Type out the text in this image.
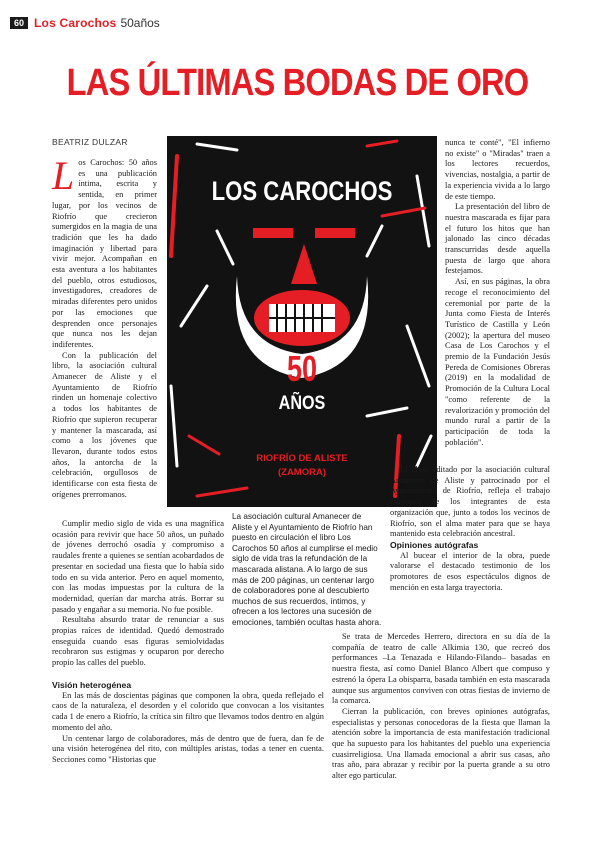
60 Los Carochos 50años
LAS ÚLTIMAS BODAS DE ORO
BEATRIZ DULZAR
L os Carochos: 50 años es una publicación íntima, escrita y sentida, en primer lugar, por los vecinos de Riofrío que crecieron sumergidos en la magia de una tradición que les ha dado imaginación y libertad para vivir mejor. Acompañan en esta aventura a los habitantes del pueblo, otros estudiosos, investigadores, creadores de miradas diferentes pero unidos por las emociones que desprenden once personajes que nunca nos les dejan indiferentes.

Con la publicación del libro, la asociación cultural Amanecer de Aliste y el Ayuntamiento de Riofrío rinden un homenaje colectivo a todos los habitantes de Riofrío que supieron recuperar y mantener la mascarada, así como a los jóvenes que llevaron, durante todos estos años, la antorcha de la celebración, orgullosos de identificarse con esta fiesta de orígenes prerromanos.

LOS CAROCHOS
50
AÑOS
RIOFRÍO DE ALISTE
(ZAMORA)
La asociación cultural Amanecer de Aliste y el Ayuntamiento de Riofrío han puesto en circulación el libro Los Carochos 50 años al cumplirse el medio siglo de vida tras la refundación de la mascarada alistana. A lo largo de sus más de 200 páginas, un centenar largo de colaboradores pone al descubierto muchos de sus recuerdos, íntimos, y ofrecen a los lectores una sucesión de emociones, también ocultas hasta ahora.

Cumplir medio siglo de vida es una magnífica ocasión para revivir que hace 50 años, un puñado de jóvenes derrochó osadía y compromiso a raudales frente a quienes se sentían acobardados de presentar en sociedad una fiesta que lo había sido todo en su vida anterior. Pero en aquel momento, con las modas impuestas por la cultura de la modernidad, querían dar marcha atrás. Borrar su pasado y engañar a su memoria. No fue posible.

Resultaba absurdo tratar de renunciar a sus propias raíces de identidad. Quedó demostrado enseguida cuando esas figuras semiolvidadas recobraron sus estigmas y ocuparon por derecho propio las calles del pueblo.

Visión heterogénea

En las más de doscientas páginas que componen la obra, queda reflejado el caos de la naturaleza, el desorden y el colorido que convocan a los visitantes cada 1 de enero a Riofrío, la crítica sin filtro que llevamos todos dentro en algún momento del año.

Un centenar largo de colaboradores, más de dentro que de fuera, dan fe de una visión heterogénea del rito, con múltiples aristas, todas a tener en cuenta. Secciones como "Historias que

nunca te conté", "El infierno no existe" o "Miradas" traen a los lectores recuerdos, vivencias, nostalgia, a partir de la experiencia vivida a lo largo de este tiempo.

La presentación del libro de nuestra mascarada es fijar para el futuro los hitos que han jalonado las cinco décadas transcurridas desde aquella puesta de largo que ahora festejamos.

Así, en sus páginas, la obra recoge el reconocimiento del ceremonial por parte de la Junta como Fiesta de Interés Turístico de Castilla y León (2002); la apertura del museo Casa de Los Carochos y el premio de la Fundación Jesús Pereda de Comisiones Obreras (2019) en la modalidad de Promoción de la Cultura Local "como referente de la revalorización y promoción del mundo rural a partir de la participación de toda la población".

El libro, editado por la asociación cultural Amanecer de Aliste y patrocinado por el Ayuntamiento de Riofrío, refleja el trabajo colectivo de los integrantes de esta organización que, junto a todos los vecinos de Riofrío, son el alma mater para que se haya mantenido esta celebración ancestral.

Opiniones autógrafas

Al bucear el interior de la obra, puede valorarse el destacado testimonio de los promotores de esos espectáculos dignos de mención en esta larga trayectoria.

Se trata de Mercedes Herrero, directora en su día de la compañía de teatro de calle Alkimia 130, que recreó dos performances –La Tenazada e Hilando-Filando– basadas en nuestra fiesta, así como Daniel Blanco Albert que compuso y estrenó la ópera La obisparra, basada también en esta mascarada aunque sus argumentos conviven con otras fiestas de invierno de la comarca.

Cierran la publicación, con breves opiniones autógrafas, especialistas y personas conocedoras de la fiesta que llaman la atención sobre la importancia de esta manifestación tradicional que ha supuesto para los habitantes del pueblo una experiencia cuasirreligiosa. Una llamada emocional a abrir sus casas, año tras año, para abrazar y recibir por la puerta grande a su otro alter ego particular.
